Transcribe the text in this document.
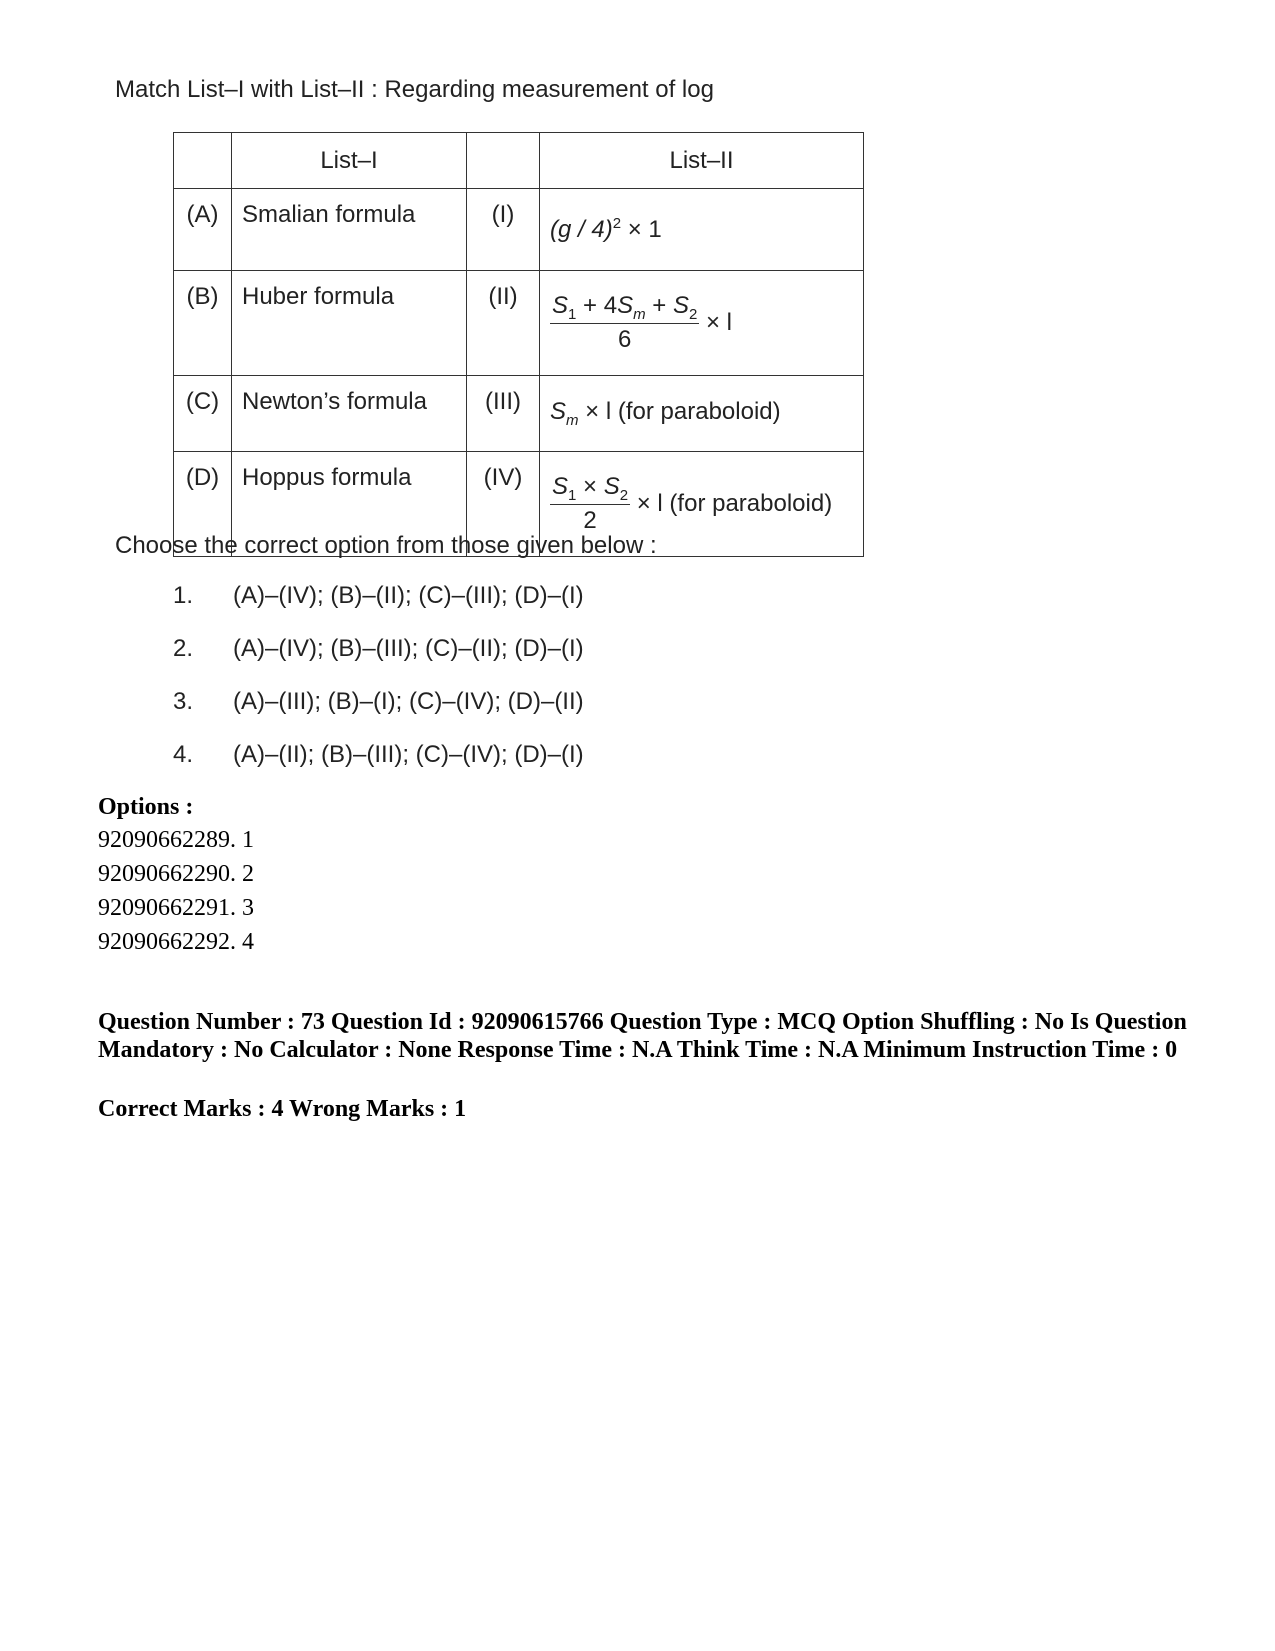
Match List–I with List–II : Regarding measurement of log
	List–I		List–II
(A)	Smalian formula	(I)	(g / 4)$^2$ × 1
(B)	Huber formula	(II)	$\frac{S_1 + 4S_m + S_2}{6} \times l$
(C)	Newton’s formula	(III)	$S_m \times l$ (for paraboloid)
(D)	Hoppus formula	(IV)	$\frac{S_1 \times S_2}{2} \times l$ (for paraboloid)
Choose the correct option from those given below :
1.	(A)–(IV); (B)–(II); (C)–(III); (D)–(I)
2.	(A)–(IV); (B)–(III); (C)–(II); (D)–(I)
3.	(A)–(III); (B)–(I); (C)–(IV); (D)–(II)
4.	(A)–(II); (B)–(III); (C)–(IV); (D)–(I)
Options :
92090662289. 1
92090662290. 2
92090662291. 3
92090662292. 4
Question Number : 73 Question Id : 92090615766 Question Type : MCQ Option Shuffling : No Is Question Mandatory : No Calculator : None Response Time : N.A Think Time : N.A Minimum Instruction Time : 0
Correct Marks : 4 Wrong Marks : 1
